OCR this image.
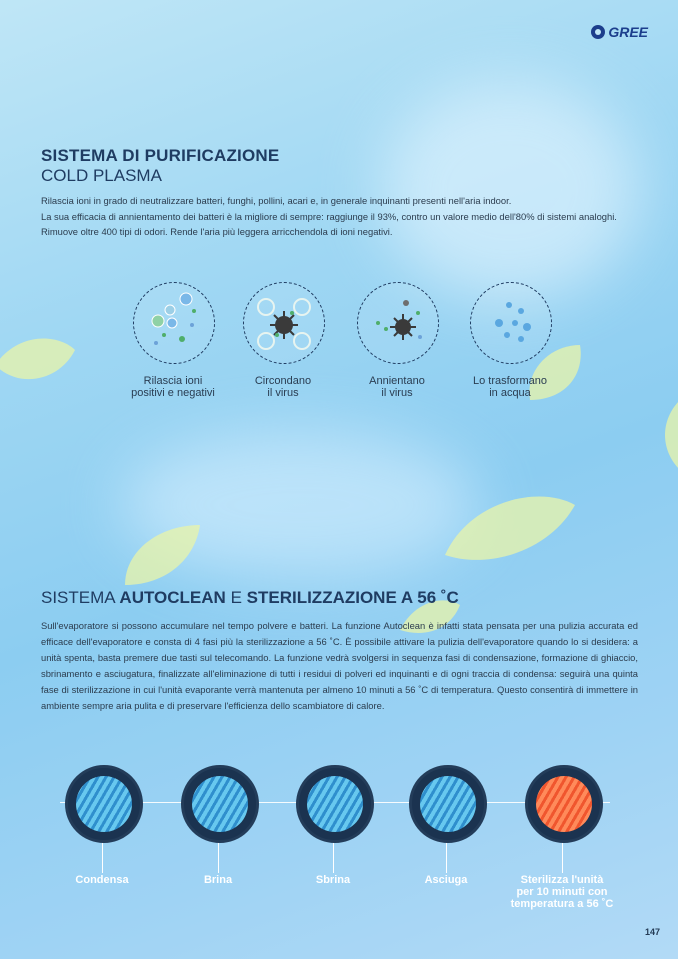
GREE
SISTEMA DI PURIFICAZIONE
COLD PLASMA

Rilascia ioni in grado di neutralizzare batteri, funghi, pollini, acari e, in generale inquinanti presenti nell'aria indoor.

La sua efficacia di annientamento dei batteri è la migliore di sempre: raggiunge il 93%, contro un valore medio dell'80% di sistemi analoghi.

Rimuove oltre 400 tipi di odori. Rende l'aria più leggera arricchendola di ioni negativi.

Rilascia ioni
positivi e negativi
Circondano
il virus
Annientano
il virus
Lo trasformano
in acqua
SISTEMA AUTOCLEAN E STERILIZZAZIONE A 56 ˚C
Sull'evaporatore si possono accumulare nel tempo polvere e batteri. La funzione Autoclean è infatti stata pensata per una pulizia accurata ed efficace dell'evaporatore e consta di 4 fasi più la sterilizzazione a 56 ˚C. È possibile attivare la pulizia dell'evaporatore quando lo si desidera: a unità spenta, basta premere due tasti sul telecomando. La funzione vedrà svolgersi in sequenza fasi di condensazione, formazione di ghiaccio, sbrinamento e asciugatura, finalizzate all'eliminazione di tutti i residui di polveri ed inquinanti e di ogni traccia di condensa: seguirà una quinta fase di sterilizzazione in cui l'unità evaporante verrà mantenuta per almeno 10 minuti a 56 ˚C di temperatura. Questo consentirà di immettere in ambiente sempre aria pulita e di preservare l'efficienza dello scambiatore di calore.
Condensa	Brina	Sbrina	Asciuga	Sterilizza l'unità
per 10 minuti con
temperatura a 56 ˚C
147
